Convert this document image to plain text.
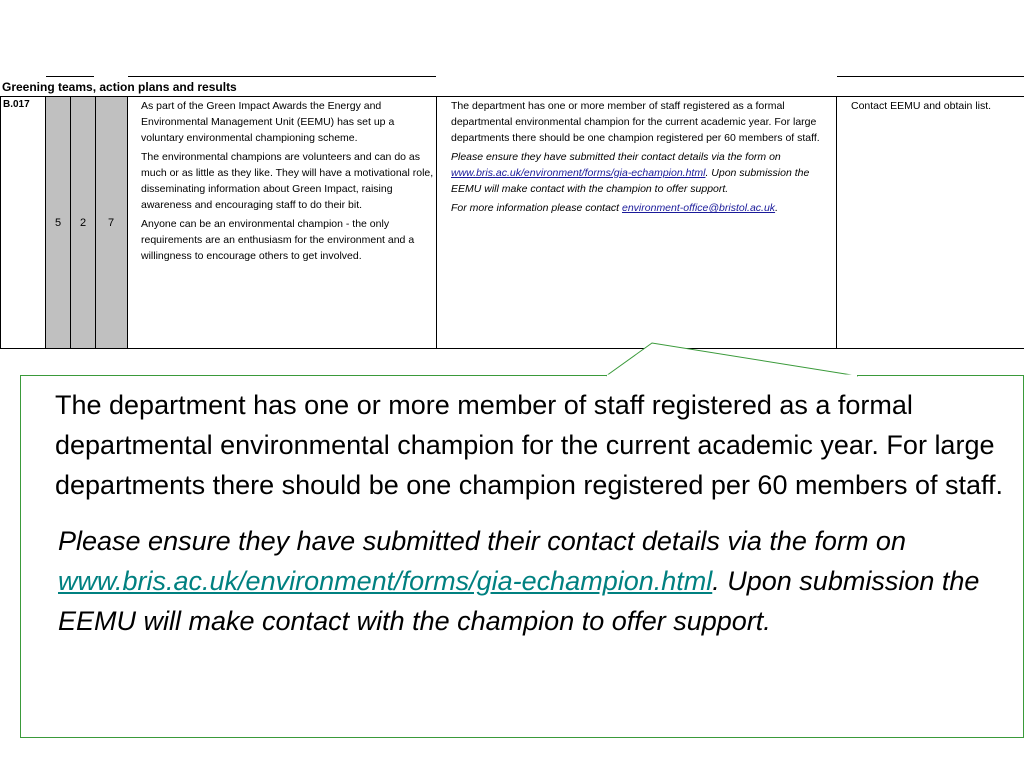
Greening teams, action plans and results
B.017
5	2	7

As part of the Green Impact Awards the Energy and Environmental Management Unit (EEMU) has set up a voluntary environmental championing scheme.

The environmental champions are volunteers and can do as much or as little as they like. They will have a motivational role, disseminating information about Green Impact, raising awareness and encouraging staff to do their bit.

Anyone can be an environmental champion - the only requirements are an enthusiasm for the environment and a willingness to encourage others to get involved.

The department has one or more member of staff registered as a formal departmental environmental champion for the current academic year. For large departments there should be one champion registered per 60 members of staff.

Please ensure they have submitted their contact details via the form on www.bris.ac.uk/environment/forms/gia-echampion.html. Upon submission the EEMU will make contact with the champion to offer support.

For more information please contact environment-office@bristol.ac.uk.

Contact EEMU and obtain list.

The department has one or more member of staff registered as a formal departmental environmental champion for the current academic year. For large departments there should be one champion registered per 60 members of staff.

Please ensure they have submitted their contact details via the form on www.bris.ac.uk/environment/forms/gia-echampion.html. Upon submission the EEMU will make contact with the champion to offer support.
